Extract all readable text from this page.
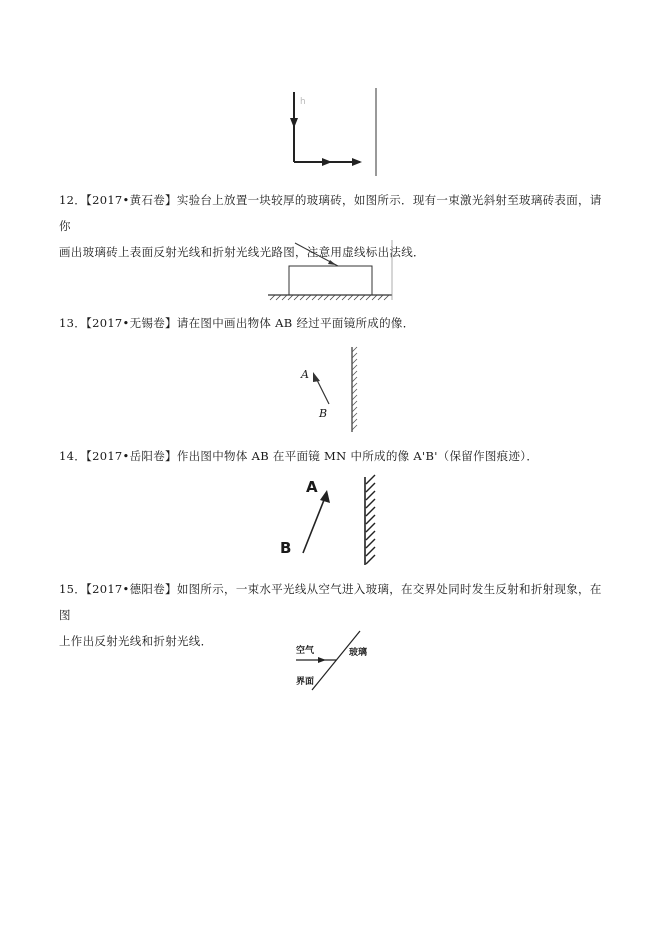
h

12．【2017•黄石卷】实验台上放置一块较厚的玻璃砖，如图所示．现有一束激光斜射至玻璃砖表面，请你

画出玻璃砖上表面反射光线和折射光线光路图，注意用虚线标出法线．

13．【2017•无锡卷】请在图中画出物体 AB 经过平面镜所成的像．

A
B

14．【2017•岳阳卷】作出图中物体 AB 在平面镜 MN 中所成的像 A'B'（保留作图痕迹）．

A
B

15．【2017•德阳卷】如图所示，一束水平光线从空气进入玻璃，在交界处同时发生反射和折射现象，在图

上作出反射光线和折射光线．

空气	玻璃
界面
